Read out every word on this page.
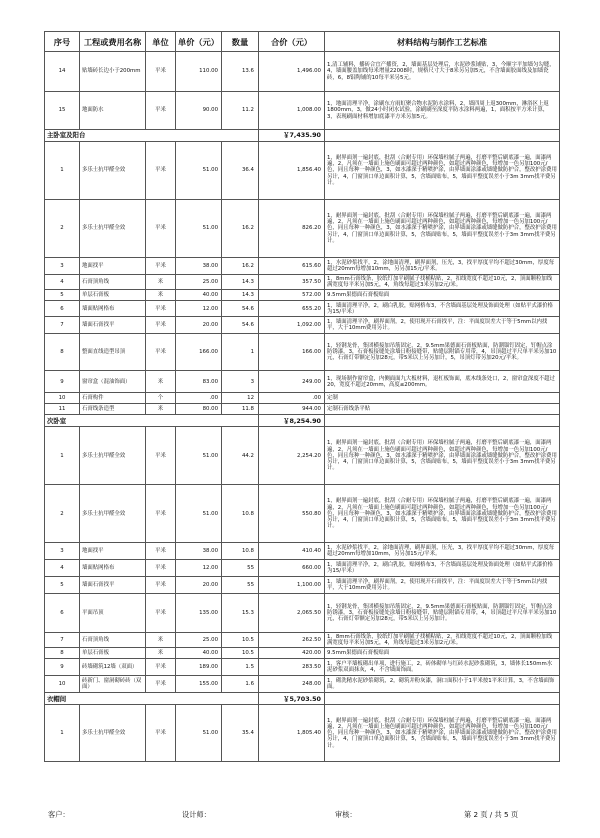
序号	工程或费用名称	单位	单价（元）	数量	合价（元）	材料结构与制作工艺标准
14	贴墙砖长边小于200mm	平米	110.00	13.6	1,496.00	1,清工辅料，播砖合宜产播资，2，墙面基层处理后，水泥砂浆铺贴，3，今顺字平加墙匀勾缝，4，墙面腰盖加线每米增量22008时，规格尺寸大于8米另另加5元，不含墙面胶面线及加墙瓷砖，6，8铝陶铺的10每平米另5元。
15	地面防水	平米	90.00	11.2	1,008.00	1，地面清理平净，涂刷东方雨虹聚合物水泥防水涂料，2，墙四周上返300mm，淋浴区上返1800mm，3，做24小时闭水试验，涂刷刷至深度平防水涂料两遍，1，面积按平方米计算，3，表现刷面材料增加底漆平方米另加5元。
主卧室及阳台					￥7,435.90	
1	多乐士抗甲醛全效	平米	51.00	36.4	1,856.40	1，耐界面剂一遍封底，批刮（合耐专用）环保墙柱腻子两遍，打磨平整后刷底漆一遍，面漆两遍，2，凡须在一墙面上施色刷面可超过两种颜色，如超过两种颜色，每增加一色另加100元/色，同且每种一种颜色，3，如水漆深于精喷护涂，由界墙面涂漆或墙缝做防护合，整改护涂费用另计，4，门窗顶口单边面积计算，5，含墙面贴布，5，墙面平整度误差小于3m 3mm找平费另计。
2	多乐士抗甲醛全效	平米	51.00	16.2	826.20	1，耐界面剂一遍封底，批刮（合耐专用）环保墙柱腻子两遍，打磨平整后刷底漆一遍，面漆两遍，2，凡须在一墙面上施色刷面可超过两种颜色，如超过两种颜色，每增加一色另加100元/色，同且每种一种颜色，3，如水漆深于精喷护涂，由界墙面涂漆或墙缝做防护合，整改护涂费用另计，4，门窗顶口单边面积计算，5，含墙面贴布，5，墙面平整度误差小于3m 3mm找平费另计。
3	地面找平	平米	38.00	16.2	615.60	1，水泥砂浆找平，2，涂地面清理，刷界面剂，压光，3，找平厚度平均不超过30mm，厚度每超过20mm每增加10mm，另另加15元/平米。
4	石膏顶角线	米	25.00	14.3	357.50	1，8mm石膏线条，胶纸钉加平刷腻子找桶粘贴，2，扣线宽度不超过10元，2，顶面颗粒加线满宽度每平米另加5元，4，角线每超过3米另加2元/米。
5	单层石膏板	米	40.00	14.3	572.00	9.5mm果德面石膏板贴面
6	墙面贴网格布	平米	12.00	54.6	655.20	1，墙面清理平净，2，刷白乳胶，贴网格布3，不含墙面基层处理及饰面处理（如贴平式漆价格为15/平米）
7	墙面石膏找平	平米	20.00	54.6	1,092.00	1，墙面清理平净，刷界面剂，2，使用现开石膏找平，注：平面度误差大于等于5mm以内找平，大于10mm费用另计。
8	整面直线造型吊顶	平米	166.00	1	166.00	1，轻钢龙骨，集团横接加吊筋固定，2，9.5mm果德面石膏板贴面，防潮锚钉固定，钉帽点涂防锈漆，3，石膏板接缝处涂墙日粉接缝带，贴缝层附锚专用带，4，吊顶超过平尺单平米另加10元，石膏灯带额定另加28元，带5米以上另另加计，5，吊顶灯带另加20元/平米。
9	窗帘盒（混油饰面）	米	83.00	3	249.00	1，现场制作窗帘盒，内侧面面九大板材料，退杠板饰面，底木线条处口，2，窗帘盒深度不超过20，宽度不超过20mm，高度≤200mm。
10	石膏构件	个	.00	12	.00	定制
11	石膏线条造型	米	80.00	11.8	944.00	定制石膏线条平贴
次卧室					￥8,254.90	
1	多乐士抗甲醛全效	平米	51.00	44.2	2,254.20	1，耐界面剂一遍封底，批刮（合耐专用）环保墙柱腻子两遍，打磨平整后刷底漆一遍，面漆两遍，2，凡须在一墙面上施色刷面可超过两种颜色，如超过两种颜色，每增加一色另加100元/色，同且每种一种颜色，3，如水漆深于精喷护涂，由界墙面涂漆或墙缝做防护合，整改护涂费用另计，4，门窗顶口单边面积计算，5，含墙面贴布，5，墙面平整度误差小于3m 3mm找平费另计。
2	多乐士抗甲醛全效	平米	51.00	10.8	550.80	1，耐界面剂一遍封底，批刮（合耐专用）环保墙柱腻子两遍，打磨平整后刷底漆一遍，面漆两遍，2，凡须在一墙面上施色刷面可超过两种颜色，如超过两种颜色，每增加一色另加100元/色，同且每种一种颜色，3，如水漆深于精喷护涂，由界墙面涂漆或墙缝做防护合，整改护涂费用另计，4，门窗顶口单边面积计算，5，含墙面贴布，5，墙面平整度误差小于3m 3mm找平费另计。
3	地面找平	平米	38.00	10.8	410.40	1，水泥砂浆找平，2，涂地面清理，刷界面剂，压光，3，找平厚度平均不超过30mm，厚度每超过20mm每增加10mm，另另加15元/平米。
4	墙面贴网格布	平米	12.00	55	660.00	1，墙面清理平净，2，刷白乳胶，贴网格布3，不含墙面基层处理及饰面处理（如贴平式漆价格为15/平米）
5	墙面石膏找平	平米	20.00	55	1,100.00	1，墙面清理平净，刷界面剂，2，使用现开石膏找平，注：平面度误差大于等于5mm以内找平，大于10mm费用另计。
6	平面吊顶	平米	135.00	15.3	2,065.50	1，轻钢龙骨，集团横接加吊筋固定，2，9.5mm果德面石膏板贴面，防潮锚钉固定，钉帽点涂防锈漆，3，石膏板接缝处涂墙日粉接缝带，贴缝层附锚专用带，4，吊顶超过平尺单平米另加10元，石膏灯带额定另加28元，带5米以上另另加计。
7	石膏顶角线	米	25.00	10.5	262.50	1，8mm石膏线条，胶纸钉加平刷腻子找桶粘贴，2，扣线宽度不超过10元，2，顶面颗粒加线满宽度每平米另加5元，4，角线每超过3米另加2元/米。
8	单层石膏板	米	40.00	10.5	420.00	9.5mm果德面石膏板贴面
9	砖墙砌筑12墙（双面）	平米	189.00	1.5	283.50	1，客户平墙板砌出单项，进行施工，2，砖体砌单与红砖水泥砂浆砌筑，3，墙体长150mm水泥砂浆双面抹灰，4，不含墙面饰面。
10	砖新门、窗洞砌砖砖（双面）	平米	155.00	1.6	248.00	1，砌洗精水泥砂浆砌筑，2，砌筑并粉灰漆，洞口面积小于1平米按1平米计算，3，不含墙面饰面。
衣帽间					￥5,703.50	
1	多乐士抗甲醛全效	平米	51.00	35.4	1,805.40	1，耐界面剂一遍封底，批刮（合耐专用）环保墙柱腻子两遍，打磨平整后刷底漆一遍，面漆两遍，2，凡须在一墙面上施色刷面可超过两种颜色，如超过两种颜色，每增加一色另加100元/色，同且每种一种颜色，3，如水漆深于精喷护涂，由界墙面涂漆或墙缝做防护合，整改护涂费用另计，4，门窗顶口单边面积计算，5，含墙面贴布，5，墙面平整度误差小于3m 3mm找平费另计。
客户：	设计师：	审核：	第 2 页 / 共 5 页
